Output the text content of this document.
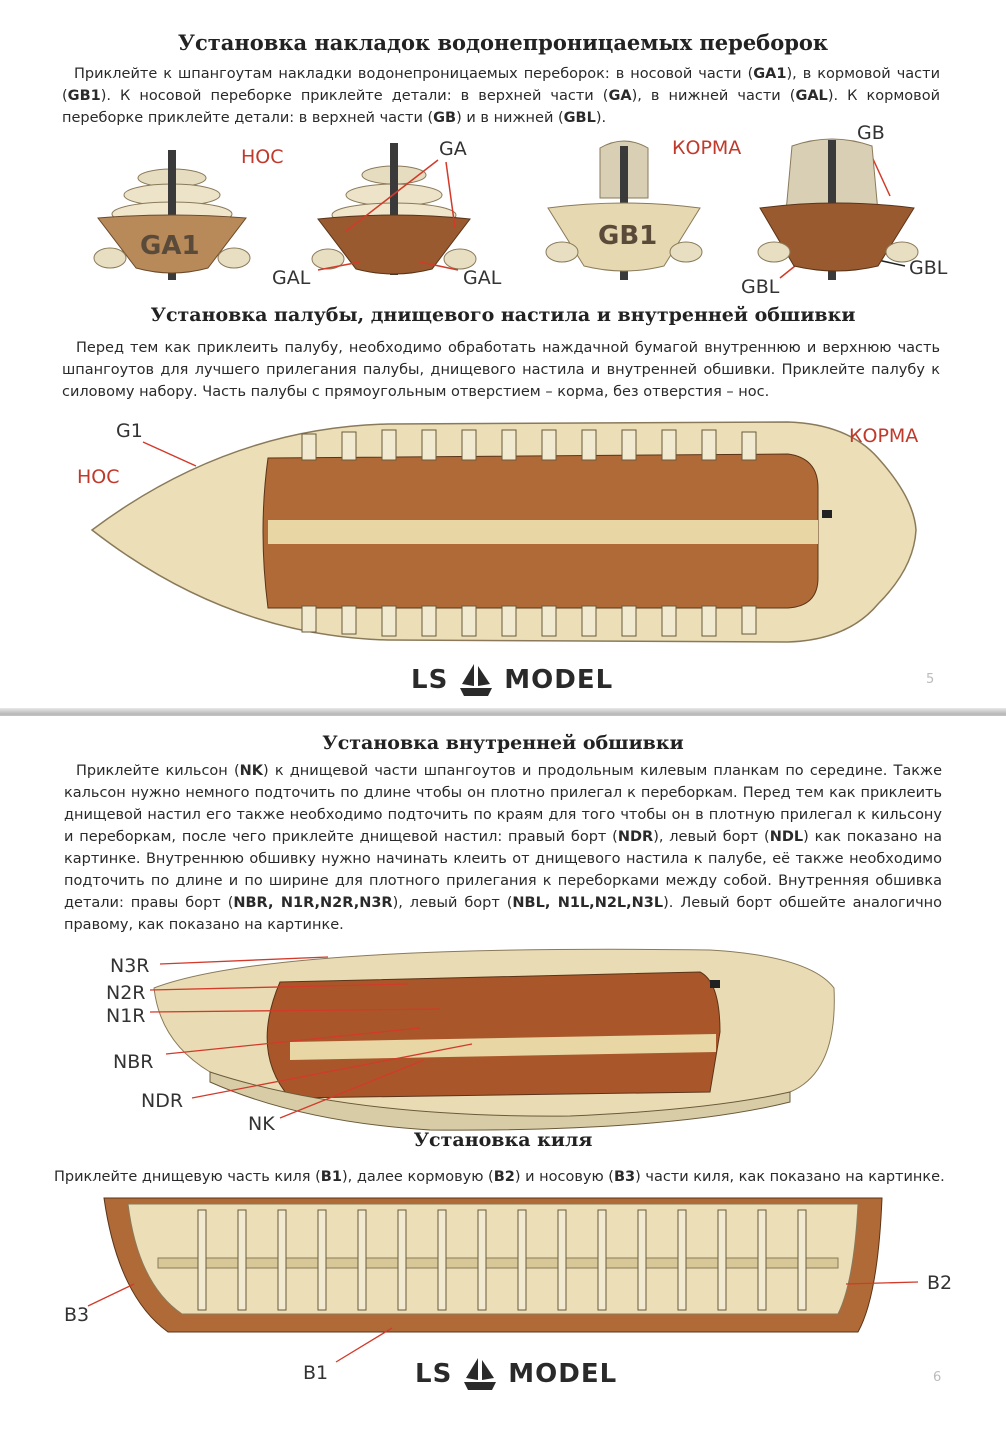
Установка накладок водонепроницаемых переборок
Приклейте к шпангоутам накладки водонепроницаемых переборок: в носовой части (GA1), в кормовой части (GB1). К носовой переборке приклейте детали: в верхней части (GA), в нижней части (GAL). К кормовой переборке приклейте детали: в верхней части (GB) и в нижней (GBL).
GA1
НОС	GA
GAL	GAL
GB1
КОРМА
GB
GBL
GBL
Установка палубы, днищевого настила и внутренней обшивки
Перед тем как приклеить палубу, необходимо обработать наждачной бумагой внутреннюю и верхнюю часть шпангоутов для лучшего прилегания палубы, днищевого настила и внутренней обшивки. Приклейте палубу к силовому набору. Часть палубы с прямоугольным отверстием – корма, без отверстия – нос.
G1
НОС
КОРМА
LS MODEL	5
Установка внутренней обшивки
Приклейте кильсон (NK) к днищевой части шпангоутов и продольным килевым планкам по середине. Также кальсон нужно немного подточить по длине чтобы он плотно прилегал к переборкам. Перед тем как приклеить днищевой настил его также необходимо подточить по краям для того чтобы он в плотную прилегал к кильсону и переборкам, после чего приклейте днищевой настил: правый борт (NDR), левый борт (NDL) как показано на картинке. Внутреннюю обшивку нужно начинать клеить от днищевого настила к палубе, её также необходимо подточить по длине и по ширине для плотного прилегания к переборками между собой. Внутренняя обшивка детали: правы борт (NBR, N1R,N2R,N3R), левый борт (NBL, N1L,N2L,N3L). Левый борт обшейте аналогично правому, как показано на картинке.
N3R
N2R
N1R
NBR
NDR
NK
Установка киля
Приклейте днищевую часть киля (B1), далее кормовую (B2) и носовую (B3) части киля, как показано на картинке.
B3
B2
B1	LS MODEL	6
